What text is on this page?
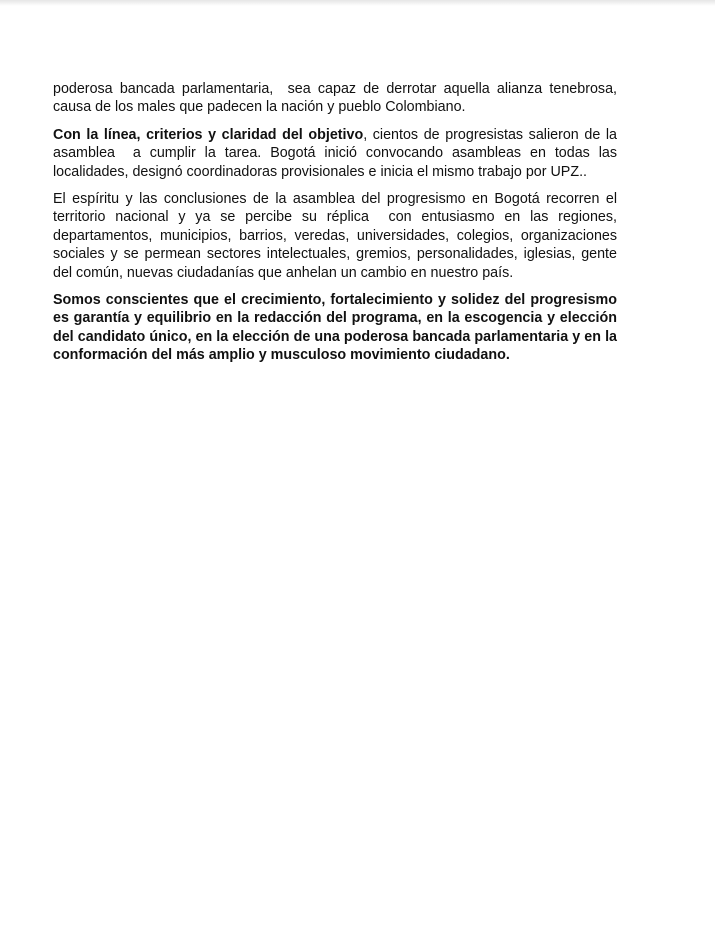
poderosa bancada parlamentaria,  sea capaz de derrotar aquella alianza tenebrosa, causa de los males que padecen la nación y pueblo Colombiano.

Con la línea, criterios y claridad del objetivo, cientos de progresistas salieron de la asamblea  a cumplir la tarea. Bogotá inició convocando asambleas en todas las localidades, designó coordinadoras provisionales e inicia el mismo trabajo por UPZ..

El espíritu y las conclusiones de la asamblea del progresismo en Bogotá recorren el territorio nacional y ya se percibe su réplica  con entusiasmo en las regiones, departamentos, municipios, barrios, veredas, universidades, colegios, organizaciones sociales y se permean sectores intelectuales, gremios, personalidades, iglesias, gente del común, nuevas ciudadanías que anhelan un cambio en nuestro país.

Somos conscientes que el crecimiento, fortalecimiento y solidez del progresismo es garantía y equilibrio en la redacción del programa, en la escogencia y elección del candidato único, en la elección de una poderosa bancada parlamentaria y en la conformación del más amplio y musculoso movimiento ciudadano.
